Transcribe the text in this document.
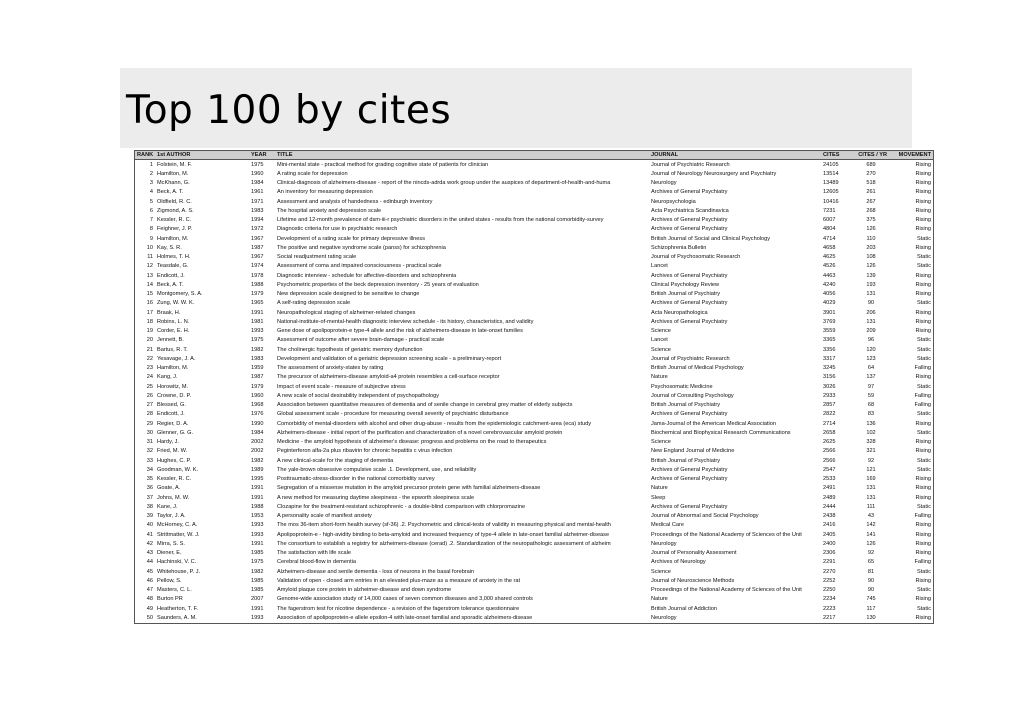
Top 100 by cites
RANK	1st AUTHOR	YEAR	TITLE	JOURNAL	CITES	CITES / YR	MOVEMENT
1	Folstein, M. F.	1975	Mini-mental state - practical method for grading cognitive state of patients for clinician	Journal of Psychiatric Research	24105	689	Rising
2	Hamilton, M.	1960	A rating scale for depression	Journal of Neurology Neurosurgery and Psychiatry	13514	270	Rising
3	McKhann, G.	1984	Clinical-diagnosis of alzheimers-disease - report of the nincds-adrda work group under the auspices of department-of-health-and-huma	Neurology	13489	518	Rising
4	Beck, A. T.	1961	An inventory for measuring depression	Archives of General Psychiatry	12605	261	Rising
5	Oldfield, R. C.	1971	Assessment and analysis of handedness - edinburgh inventory	Neuropsychologia	10416	267	Rising
6	Zigmond, A. S.	1983	The hospital anxiety and depression scale	Acta Psychiatrica Scandinavica	7231	268	Rising
7	Kessler, R. C.	1994	Lifetime and 12-month prevalence of dsm-iii-r psychiatric disorders in the united states - results from the national comorbidity-survey	Archives of General Psychiatry	6007	375	Rising
8	Feighner, J. P.	1972	Diagnostic criteria for use in psychiatric research	Archives of General Psychiatry	4804	126	Rising
9	Hamilton, M.	1967	Development of a rating scale for primary depressive illness	British Journal of Social and Clinical Psychology	4714	110	Static
10	Kay, S. R.	1987	The positive and negative syndrome scale (panss) for schizophrenia	Schizophrenia Bulletin	4658	203	Rising
11	Holmes, T. H.	1967	Social readjustment rating scale	Journal of Psychosomatic Research	4625	108	Static
12	Teasdale, G.	1974	Assessment of coma and impaired consciousness - practical scale	Lancet	4526	126	Static
13	Endicott, J.	1978	Diagnostic interview - schedule for affective-disorders and schizophrenia	Archives of General Psychiatry	4463	139	Rising
14	Beck, A. T.	1988	Psychometric properties of the beck depression inventory - 25 years of evaluation	Clinical Psychology Review	4240	193	Rising
15	Montgomery, S. A.	1979	New depression scale designed to be sensitive to change	British Journal of Psychiatry	4056	131	Rising
16	Zung, W. W. K.	1965	A self-rating depression scale	Archives of General Psychiatry	4029	90	Static
17	Braak, H.	1991	Neuropathological staging of alzheimer-related changes	Acta Neuropathologica	3901	206	Rising
18	Robins, L. N.	1981	National-institute-of-mental-health diagnostic interview schedule - its history, characteristics, and validity	Archives of General Psychiatry	3769	131	Rising
19	Corder, E. H.	1993	Gene dose of apolipoprotein-e type-4 allele and the risk of alzheimers-disease in late-onset families	Science	3559	209	Rising
20	Jennett, B.	1975	Assessment of outcome after severe brain-damage - practical scale	Lancet	3365	96	Static
21	Bartus, R. T.	1982	The cholinergic hypothesis of geriatric memory dysfunction	Science	3356	120	Static
22	Yesavage, J. A.	1983	Development and validation of a geriatric depression screening scale - a preliminary-report	Journal of Psychiatric Research	3317	123	Static
23	Hamilton, M.	1959	The assessment of anxiety-states by rating	British Journal of Medical Psychology	3245	64	Falling
24	Kang, J.	1987	The precursor of alzheimers-disease amyloid-a4 protein resembles a cell-surface receptor	Nature	3156	137	Rising
25	Horowitz, M.	1979	Impact of event scale - measure of subjective stress	Psychosomatic Medicine	3026	97	Static
26	Crowne, D. P.	1960	A new scale of social desirability independent of psychopathology	Journal of Consulting Psychology	2933	59	Falling
27	Blessed, G.	1968	Association between quantitative measures of dementia and of senile change in cerebral grey matter of elderly subjects	British Journal of Psychiatry	2857	68	Falling
28	Endicott, J.	1976	Global assessment scale - procedure for measuring overall severity of psychiatric disturbance	Archives of General Psychiatry	2822	83	Static
29	Regier, D. A.	1990	Comorbidity of mental-disorders with alcohol and other drug-abuse - results from the epidemiologic catchment-area (eca) study	Jama-Journal of the American Medical Association	2714	136	Rising
30	Glenner, G. G.	1984	Alzheimers-disease - initial report of the purification and characterization of a novel cerebrovascular amyloid protein	Biochemical and Biophysical Research Communications	2658	102	Static
31	Hardy, J.	2002	Medicine - the amyloid hypothesis of alzheimer's disease: progress and problems on the road to therapeutics	Science	2625	328	Rising
32	Fried, M. W.	2002	Peginterferon alfa-2a plus ribavirin for chronic hepatitis c virus infection	New England Journal of Medicine	2566	321	Rising
33	Hughes, C. P.	1982	A new clinical-scale for the staging of dementia	British Journal of Psychiatry	2566	92	Static
34	Goodman, W. K.	1989	The yale-brown obsessive compulsive scale .1. Development, use, and reliability	Archives of General Psychiatry	2547	121	Static
35	Kessler, R. C.	1995	Posttraumatic-stress-disorder in the national comorbidity survey	Archives of General Psychiatry	2533	169	Rising
36	Goate, A.	1991	Segregation of a missense mutation in the amyloid precursor protein gene with familial alzheimers-disease	Nature	2491	131	Rising
37	Johns, M. W.	1991	A new method for measuring daytime sleepiness - the epworth sleepiness scale	Sleep	2489	131	Rising
38	Kane, J.	1988	Clozapine for the treatment-resistant schizophrenic - a double-blind comparison with chlorpromazine	Archives of General Psychiatry	2444	111	Static
39	Taylor, J. A.	1953	A personality scale of manifest anxiety	Journal of Abnormal and Social Psychology	2438	43	Falling
40	McHorney, C. A.	1993	The mos 36-item short-form health survey (sf-36) .2. Psychometric and clinical-tests of validity in measuring physical and mental-health	Medical Care	2416	142	Rising
41	Strittmatter, W. J.	1993	Apolipoprotein-e - high-avidity binding to beta-amyloid and increased frequency of type-4 allele in late-onset familial alzheimer-disease	Proceedings of the National Academy of Sciences of the Unit	2405	141	Rising
42	Mirra, S. S.	1991	The consortium to establish a registry for alzheimers-disease (cerad) .2. Standardization of the neuropathologic assessment of alzheim	Neurology	2400	126	Rising
43	Diener, E.	1985	The satisfaction with life scale	Journal of Personality Assessment	2306	92	Rising
44	Hachinski, V. C.	1975	Cerebral blood-flow in dementia	Archives of Neurology	2291	65	Falling
45	Whitehouse, P. J.	1982	Alzheimers-disease and senile dementia - loss of neurons in the basal forebrain	Science	2270	81	Static
46	Pellow, S.	1985	Validation of open - closed arm entries in an elevated plus-maze as a measure of anxiety in the rat	Journal of Neuroscience Methods	2252	90	Rising
47	Masters, C. L.	1985	Amyloid plaque core protein in alzheimer-disease and down syndrome	Proceedings of the National Academy of Sciences of the Unit	2250	90	Static
48	Burton PR	2007	Genome-wide association study of 14,000 cases of seven common diseases and 3,000 shared controls	Nature	2234	745	Rising
49	Heatherton, T. F.	1991	The fagerstrom test for nicotine dependence - a revision of the fagerstrom tolerance questionnaire	British Journal of Addiction	2223	117	Static
50	Saunders, A. M.	1993	Association of apolipoprotein-e allele epsilon-4 with late-onset familial and sporadic alzheimers-disease	Neurology	2217	130	Rising
